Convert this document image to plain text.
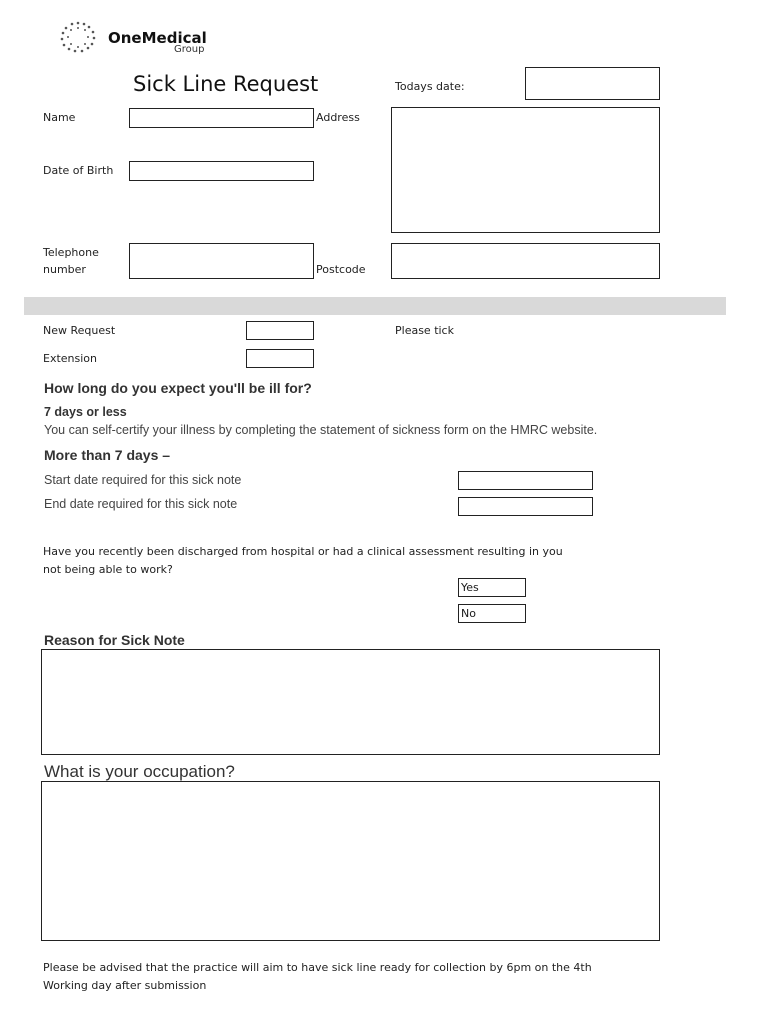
OneMedical
Group
Sick Line Request	Todays date:
Name	Address
Date of Birth
Telephone
number	Postcode
New Request	Please tick
Extension
How long do you expect you'll be ill for?
7 days or less
You can self-certify your illness by completing the statement of sickness form on the HMRC website.
More than 7 days –
Start date required for this sick note
End date required for this sick note
Have you recently been discharged from hospital or had a clinical assessment resulting in you
not being able to work?
Yes
No
Reason for Sick Note
What is your occupation?
Please be advised that the practice will aim to have sick line ready for collection by 6pm on the 4th
Working day after submission
